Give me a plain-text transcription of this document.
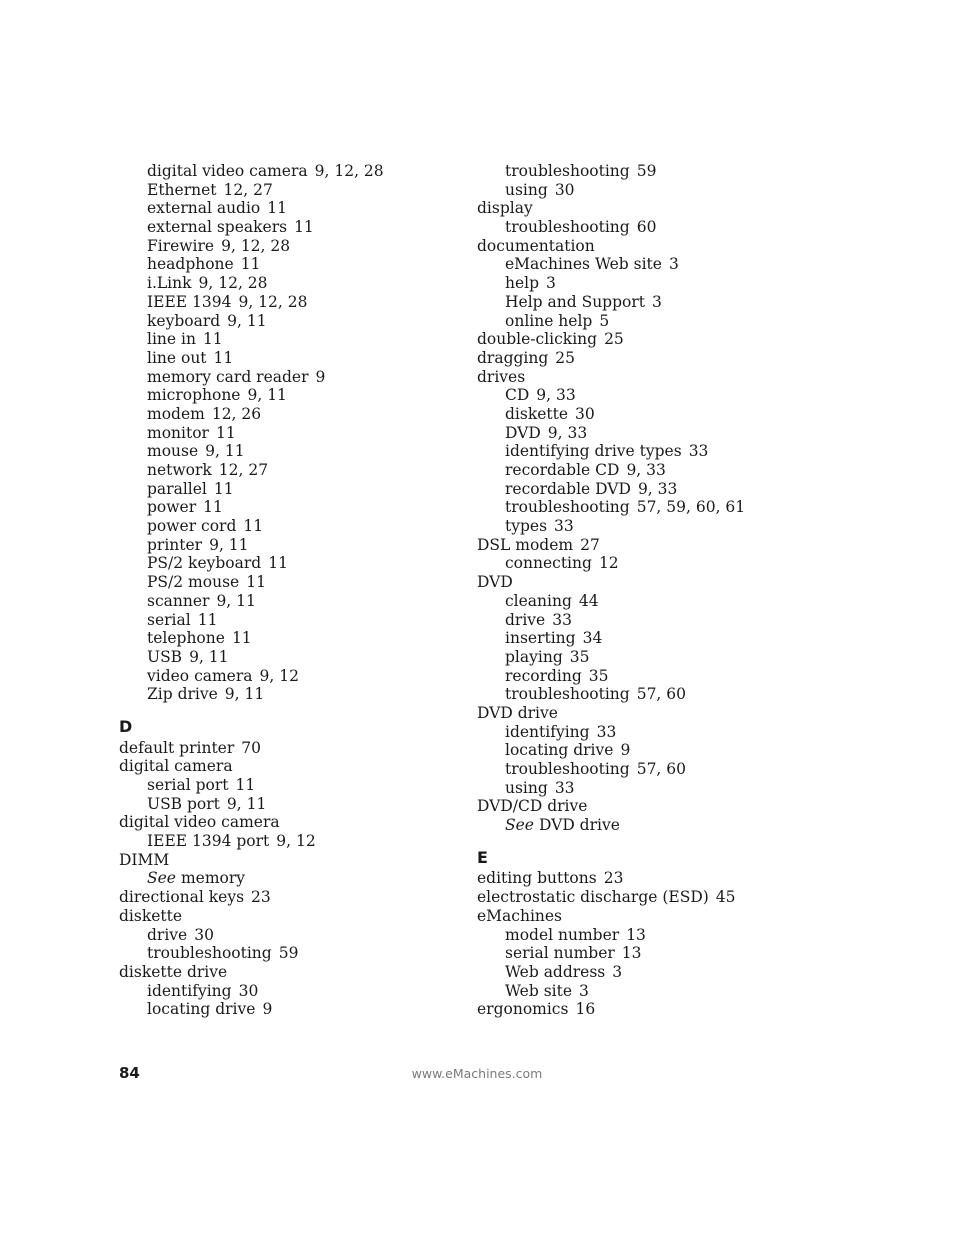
digital video camera 9, 12, 28
Ethernet 12, 27
external audio 11
external speakers 11
Firewire 9, 12, 28
headphone 11
i.Link 9, 12, 28
IEEE 1394 9, 12, 28
keyboard 9, 11
line in 11
line out 11
memory card reader 9
microphone 9, 11
modem 12, 26
monitor 11
mouse 9, 11
network 12, 27
parallel 11
power 11
power cord 11
printer 9, 11
PS/2 keyboard 11
PS/2 mouse 11
scanner 9, 11
serial 11
telephone 11
USB 9, 11
video camera 9, 12
Zip drive 9, 11
D
default printer 70
digital camera
serial port 11
USB port 9, 11
digital video camera
IEEE 1394 port 9, 12
DIMM
See memory
directional keys 23
diskette
drive 30
troubleshooting 59
diskette drive
identifying 30
locating drive 9
troubleshooting 59
using 30
display
troubleshooting 60
documentation
eMachines Web site 3
help 3
Help and Support 3
online help 5
double-clicking 25
dragging 25
drives
CD 9, 33
diskette 30
DVD 9, 33
identifying drive types 33
recordable CD 9, 33
recordable DVD 9, 33
troubleshooting 57, 59, 60, 61
types 33
DSL modem 27
connecting 12
DVD
cleaning 44
drive 33
inserting 34
playing 35
recording 35
troubleshooting 57, 60
DVD drive
identifying 33
locating drive 9
troubleshooting 57, 60
using 33
DVD/CD drive
See DVD drive
E
editing buttons 23
electrostatic discharge (ESD) 45
eMachines
model number 13
serial number 13
Web address 3
Web site 3
ergonomics 16
84	www.eMachines.com
